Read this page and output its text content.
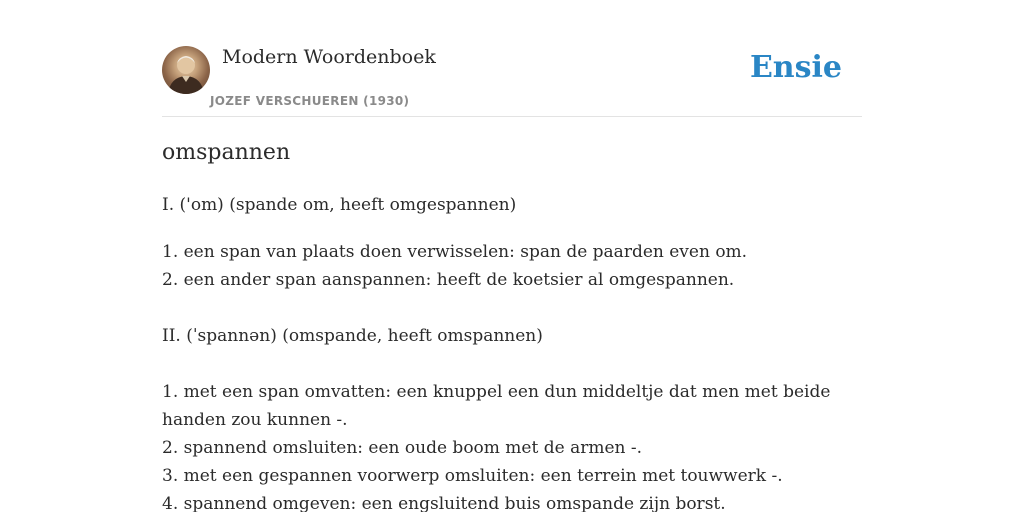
Modern Woordenboek
JOZEF VERSCHUEREN (1930)
Ensie
omspannen
I. ('om) (spande om, heeft omgespannen)
1. een span van plaats doen verwisselen: span de paarden even om.
2. een ander span aanspannen: heeft de koetsier al omgespannen.
II. (ˈspannən) (omspande, heeft omspannen)
1. met een span omvatten: een knuppel een dun middeltje dat men met beide
handen zou kunnen -.
2. spannend omsluiten: een oude boom met de armen -.
3. met een gespannen voorwerp omsluiten: een terrein met touwwerk -.
4. spannend omgeven: een engsluitend buis omspande zijn borst.
